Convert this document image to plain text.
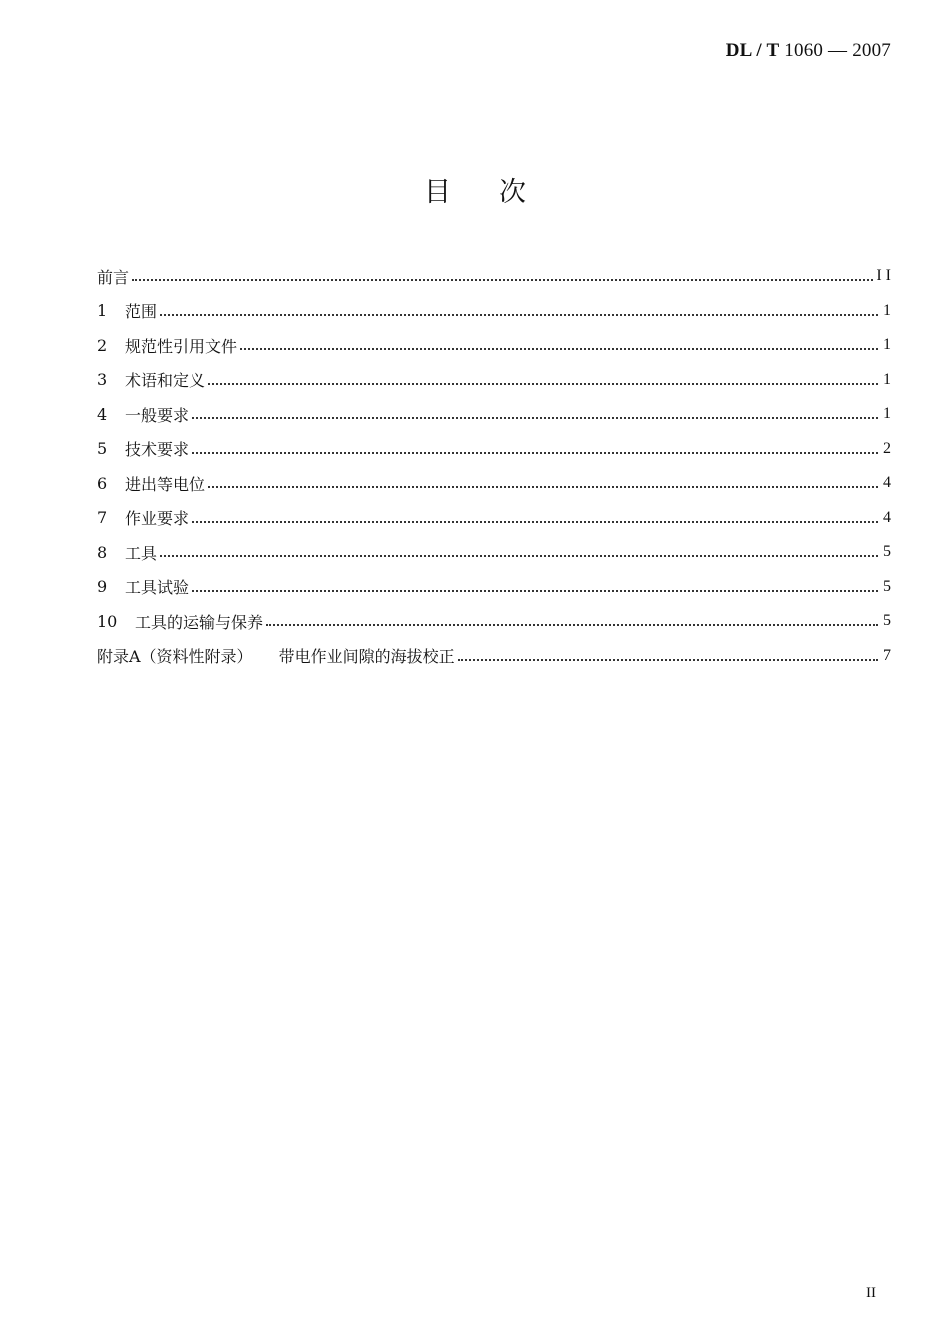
DL / T 1060 — 2007
目次
前言	I I
1	范围	1
2	规范性引用文件	1
3	术语和定义	1
4	一般要求	1
5	技术要求	2
6	进出等电位	4
7	作业要求	4
8	工具	5
9	工具试验	5
10	工具的运输与保养	5
附录A（资料性附录） 带电作业间隙的海拔校正	7
II
